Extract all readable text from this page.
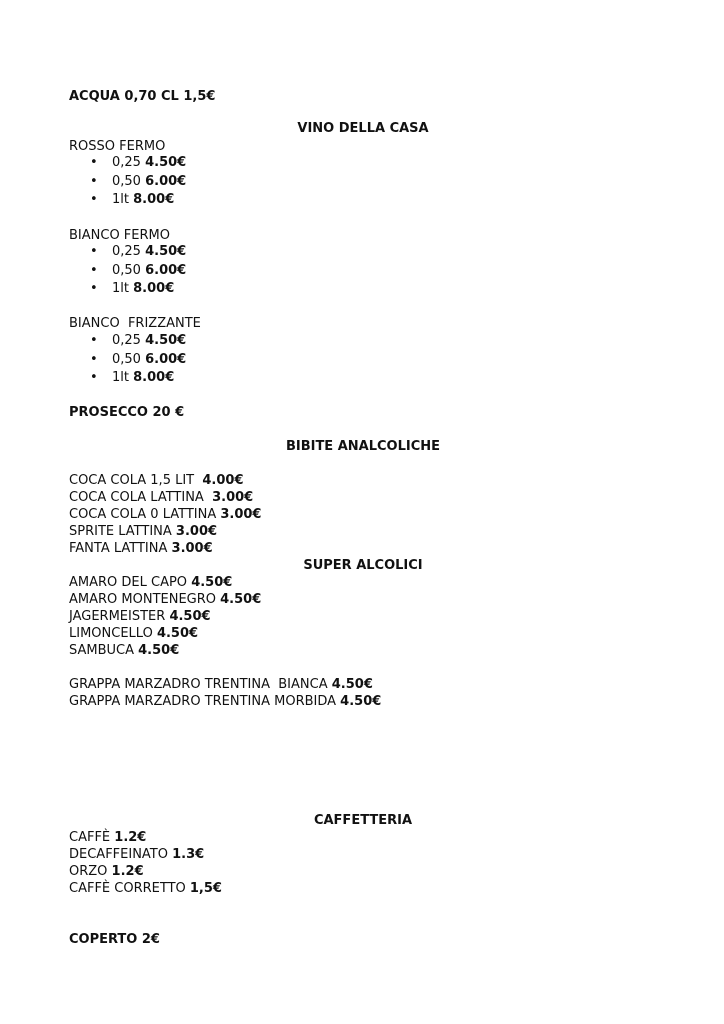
ACQUA 0,70 CL 1,5€
VINO DELLA CASA
ROSSO FERMO
• 0,25 4.50€
• 0,50 6.00€
• 1lt 8.00€
BIANCO FERMO
• 0,25 4.50€
• 0,50 6.00€
• 1lt 8.00€
BIANCO  FRIZZANTE
• 0,25 4.50€
• 0,50 6.00€
• 1lt 8.00€
PROSECCO 20 €
BIBITE ANALCOLICHE
COCA COLA 1,5 LIT  4.00€
COCA COLA LATTINA  3.00€
COCA COLA 0 LATTINA 3.00€
SPRITE LATTINA 3.00€
FANTA LATTINA 3.00€
SUPER ALCOLICI
AMARO DEL CAPO 4.50€
AMARO MONTENEGRO 4.50€
JAGERMEISTER 4.50€
LIMONCELLO 4.50€
SAMBUCA 4.50€
GRAPPA MARZADRO TRENTINA  BIANCA 4.50€
GRAPPA MARZADRO TRENTINA MORBIDA 4.50€
CAFFETTERIA
CAFFÈ 1.2€
DECAFFEINATO 1.3€
ORZO 1.2€
CAFFÈ CORRETTO 1,5€
COPERTO 2€
